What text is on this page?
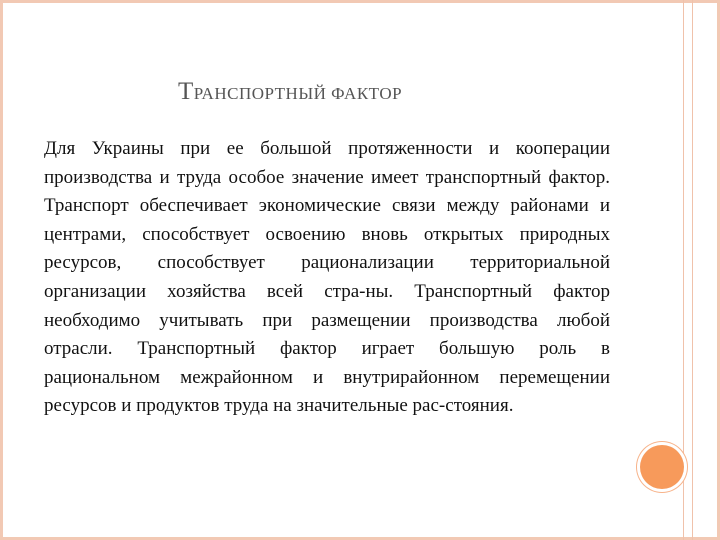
ТРАНСПОРТНЫЙ ФАКТОР
Для Украины при ее большой протяженности и кооперации производства и труда особое значение имеет транспортный фактор. Транспорт обеспечивает экономические связи между районами и центрами, способствует освоению вновь открытых природных ресурсов, способствует рационализации территориальной организации хозяйства всей стра-ны. Транспортный фактор необходимо учитывать при размещении производства любой отрасли. Транспортный фактор играет большую роль в рациональном межрайонном и внутрирайонном перемещении ресурсов и продуктов труда на значительные рас-стояния.
